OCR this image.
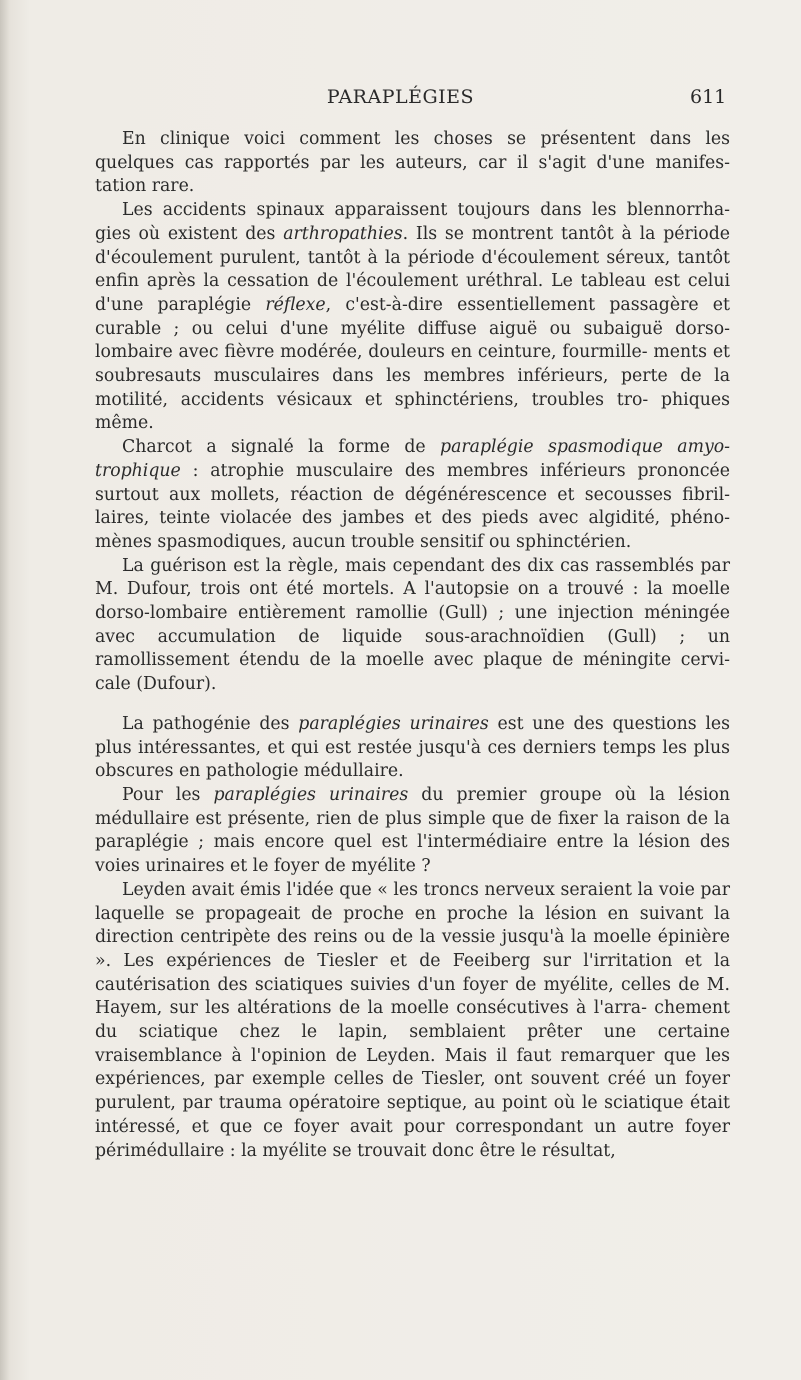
PARAPLÉGIES	611

En clinique voici comment les choses se présentent dans les quelques cas rapportés par les auteurs, car il s'agit d'une manifes- tation rare.

Les accidents spinaux apparaissent toujours dans les blennorrha- gies où existent des arthropathies. Ils se montrent tantôt à la période d'écoulement purulent, tantôt à la période d'écoulement séreux, tantôt enfin après la cessation de l'écoulement uréthral. Le tableau est celui d'une paraplégie réflexe, c'est-à-dire essentiellement passagère et curable ; ou celui d'une myélite diffuse aiguë ou subaiguë dorso-lombaire avec fièvre modérée, douleurs en ceinture, fourmille- ments et soubresauts musculaires dans les membres inférieurs, perte de la motilité, accidents vésicaux et sphinctériens, troubles tro- phiques même.

Charcot a signalé la forme de paraplégie spasmodique amyo- trophique : atrophie musculaire des membres inférieurs prononcée surtout aux mollets, réaction de dégénérescence et secousses fibril- laires, teinte violacée des jambes et des pieds avec algidité, phéno- mènes spasmodiques, aucun trouble sensitif ou sphinctérien.

La guérison est la règle, mais cependant des dix cas rassemblés par M. Dufour, trois ont été mortels. A l'autopsie on a trouvé : la moelle dorso-lombaire entièrement ramollie (Gull) ; une injection méningée avec accumulation de liquide sous-arachnoïdien (Gull) ; un ramollissement étendu de la moelle avec plaque de méningite cervi- cale (Dufour).

La pathogénie des paraplégies urinaires est une des questions les plus intéressantes, et qui est restée jusqu'à ces derniers temps les plus obscures en pathologie médullaire.

Pour les paraplégies urinaires du premier groupe où la lésion médullaire est présente, rien de plus simple que de fixer la raison de la paraplégie ; mais encore quel est l'intermédiaire entre la lésion des voies urinaires et le foyer de myélite ?

Leyden avait émis l'idée que « les troncs nerveux seraient la voie par laquelle se propageait de proche en proche la lésion en suivant la direction centripète des reins ou de la vessie jusqu'à la moelle épinière ». Les expériences de Tiesler et de Feeiberg sur l'irritation et la cautérisation des sciatiques suivies d'un foyer de myélite, celles de M. Hayem, sur les altérations de la moelle consécutives à l'arra- chement du sciatique chez le lapin, semblaient prêter une certaine vraisemblance à l'opinion de Leyden. Mais il faut remarquer que les expériences, par exemple celles de Tiesler, ont souvent créé un foyer purulent, par trauma opératoire septique, au point où le sciatique était intéressé, et que ce foyer avait pour correspondant un autre foyer périmédullaire : la myélite se trouvait donc être le résultat,
